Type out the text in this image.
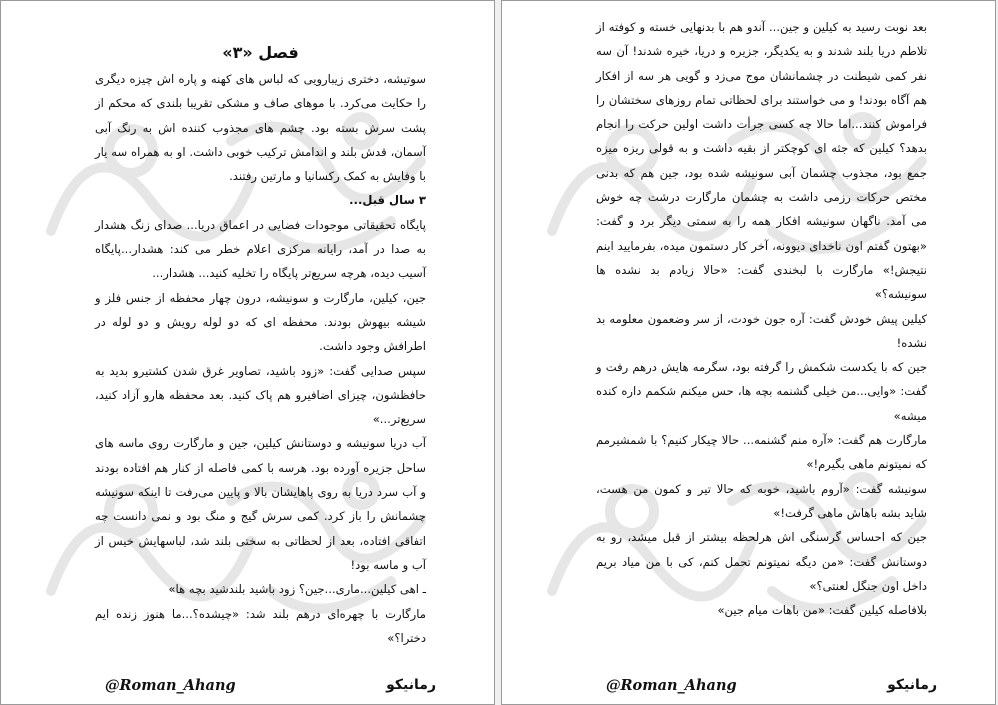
فصل «۳»

سوتیشه، دختری زیبارویی که لباس های کهنه و پاره اش چیزه دیگری را حکایت می‌کرد. با موهای صاف و مشکی تقریبا بلندی که محکم از پشت سرش بسته بود. چشم های مجذوب کننده اش به رنگ آبی آسمان، قدش بلند و اندامش ترکیب خوبی داشت. او به همراه سه یار با وفایش به کمک رکسانیا و مارتین رفتند.

۳ سال قبل...

پایگاه تحقیقاتی موجودات فضایی در اعماق دریا... صدای زنگ هشدار به صدا در آمد، رایانه مرکزی اعلام خطر می کند: هشدار...پایگاه آسیب دیده، هرچه سریع‌تر پایگاه را تخلیه کنید... هشدار...

جین، کیلین، مارگارت و سونیشه، درون چهار محفظه از جنس فلز و شیشه بیهوش بودند. محفظه ای که دو لوله رویش و دو لوله در اطرافش وجود داشت.

سپس صدایی گفت: «زود باشید، تصاویر غرق شدن کشتیرو بدید به حافظشون، چیزای اضافیرو هم پاک کنید. بعد محفظه هارو آزاد کنید، سریع‌تر...»

آب دریا سونیشه و دوستانش کیلین، جین و مارگارت روی ماسه های ساحل جزیره آورده بود. هرسه با کمی فاصله از کنار هم افتاده بودند و آب سرد دریا به روی پاهایشان بالا و پایین می‌رفت تا اینکه سونیشه چشمانش را باز کرد. کمی سرش گیج و منگ بود و نمی دانست چه اتفاقی افتاده، بعد از لحظاتی به سختی بلند شد، لباسهایش خیس از آب و ماسه بود!

ـ اهی کیلین...ماری...جین؟ زود باشید بلندشید بچه ها»

مارگارت با چهره‌ای درهم بلند شد: «چیشده؟...ما هنوز زنده ایم دخترا؟»

@Roman_Ahang	رمانیکو

بعد نوبت رسید به کیلین و جین... آندو هم با بدنهایی خسته و کوفته از تلاطم دریا بلند شدند و به یکدیگر، جزیره و دریا، خیره شدند! آن سه نفر کمی شیطنت در چشمانشان موج می‌زد و گویی هر سه از افکار هم آگاه بودند! و می خواستند برای لحظاتی تمام روزهای سختشان را فراموش کنند...اما حالا چه کسی جرأت داشت اولین حرکت را انجام بدهد؟ کیلین که جثه ای کوچکتر از بقیه داشت و به قولی ریزه میزه جمع بود، مجذوب چشمان آبی سونیشه شده بود، جین هم که بدنی مختص حرکات رزمی داشت به چشمان مارگارت درشت چه خوش می آمد. ناگهان سونیشه افکار همه را به سمتی دیگر برد و گفت: «بهتون گفتم اون ناخدای دیوونه، آخر کار دستمون میده، بفرمایید اینم نتیجش!» مارگارت با لبخندی گفت: «حالا زیادم بد نشده ها سونیشه؟»

کیلین پیش خودش گفت: آره جون خودت، از سر وضعمون معلومه بد نشده!

جین که با یکدست شکمش را گرفته بود، سگرمه هایش درهم رفت و گفت: «وایی...من خیلی گشنمه بچه ها، حس میکنم شکمم داره کنده میشه»

مارگارت هم گفت: «آره منم گشنمه... حالا چیکار کنیم؟ با شمشیرمم که نمیتونم ماهی بگیرم!»

سونیشه گفت: «آروم باشید، خوبه که حالا تیر و کمون من هست، شاید بشه باهاش ماهی گرفت!»

جین که احساس گرسنگی اش هرلحظه بیشتر از قبل میشد، رو به دوستانش گفت: «من دیگه نمیتونم تحمل کنم، کی با من میاد بریم داخل اون جنگل لعنتی؟»

بلافاصله کیلین گفت: «من باهات میام جین»

@Roman_Ahang	رمانیکو
